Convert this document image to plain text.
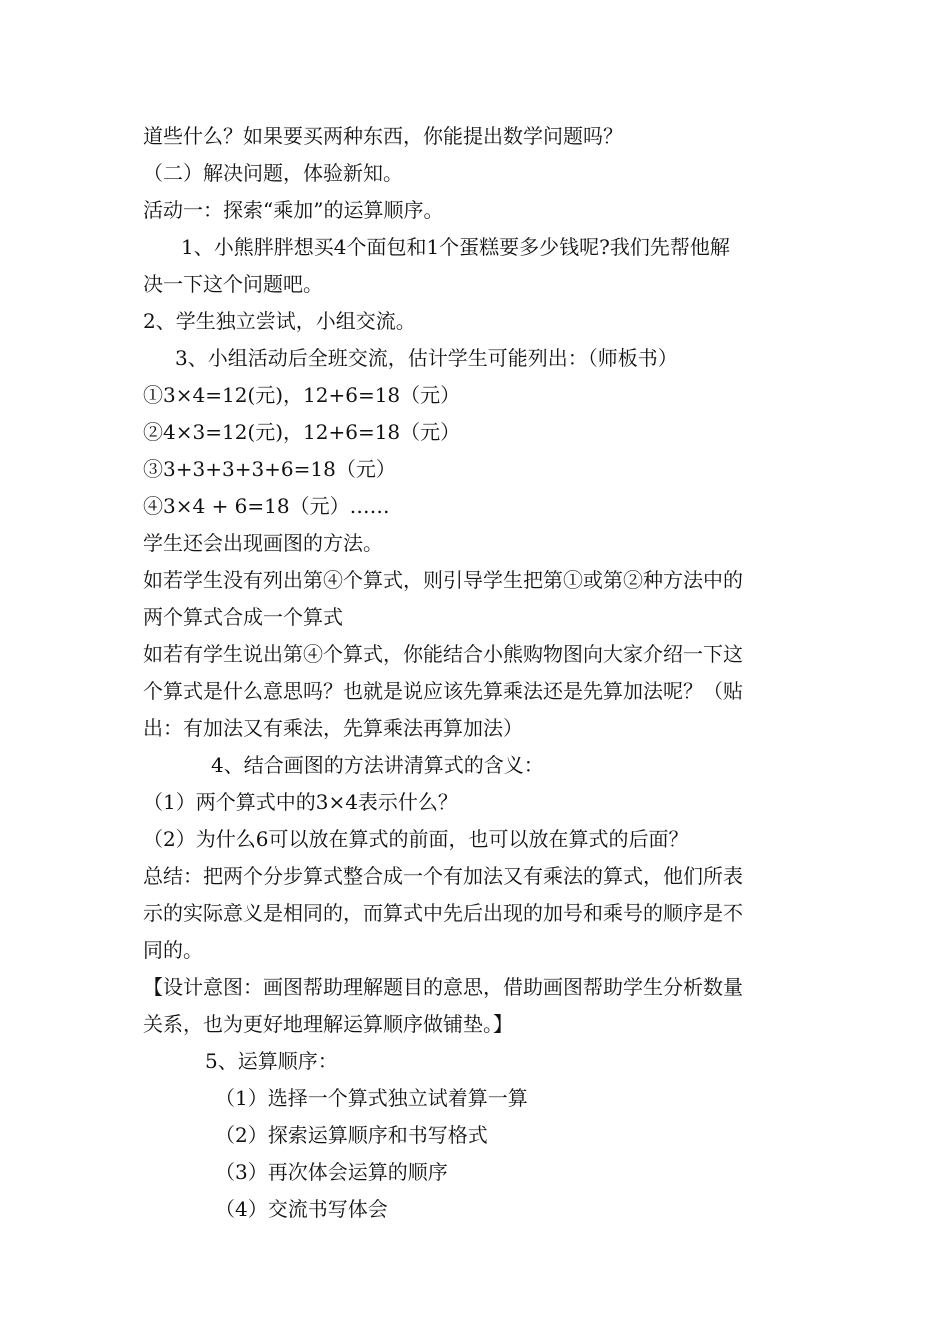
道些什么？如果要买两种东西，你能提出数学问题吗？
（二）解决问题，体验新知。
活动一：探索“乘加”的运算顺序。
1、小熊胖胖想买4个面包和1个蛋糕要多少钱呢?我们先帮他解
决一下这个问题吧。
2、学生独立尝试，小组交流。
3、小组活动后全班交流，估计学生可能列出：（师板书）
①3×4=12(元)，12+6=18（元）
②4×3=12(元)，12+6=18（元）
③3+3+3+3+6=18（元）
④3×4 + 6=18（元）……
学生还会出现画图的方法。
如若学生没有列出第④个算式，则引导学生把第①或第②种方法中的
两个算式合成一个算式
如若有学生说出第④个算式，你能结合小熊购物图向大家介绍一下这
个算式是什么意思吗？也就是说应该先算乘法还是先算加法呢？（贴
出：有加法又有乘法，先算乘法再算加法）
4、结合画图的方法讲清算式的含义：
（1）两个算式中的3×4表示什么？
（2）为什么6可以放在算式的前面，也可以放在算式的后面？
总结：把两个分步算式整合成一个有加法又有乘法的算式，他们所表
示的实际意义是相同的，而算式中先后出现的加号和乘号的顺序是不
同的。
【设计意图：画图帮助理解题目的意思，借助画图帮助学生分析数量
关系，也为更好地理解运算顺序做铺垫。】
5、运算顺序：
（1）选择一个算式独立试着算一算
（2）探索运算顺序和书写格式
（3）再次体会运算的顺序
（4）交流书写体会
